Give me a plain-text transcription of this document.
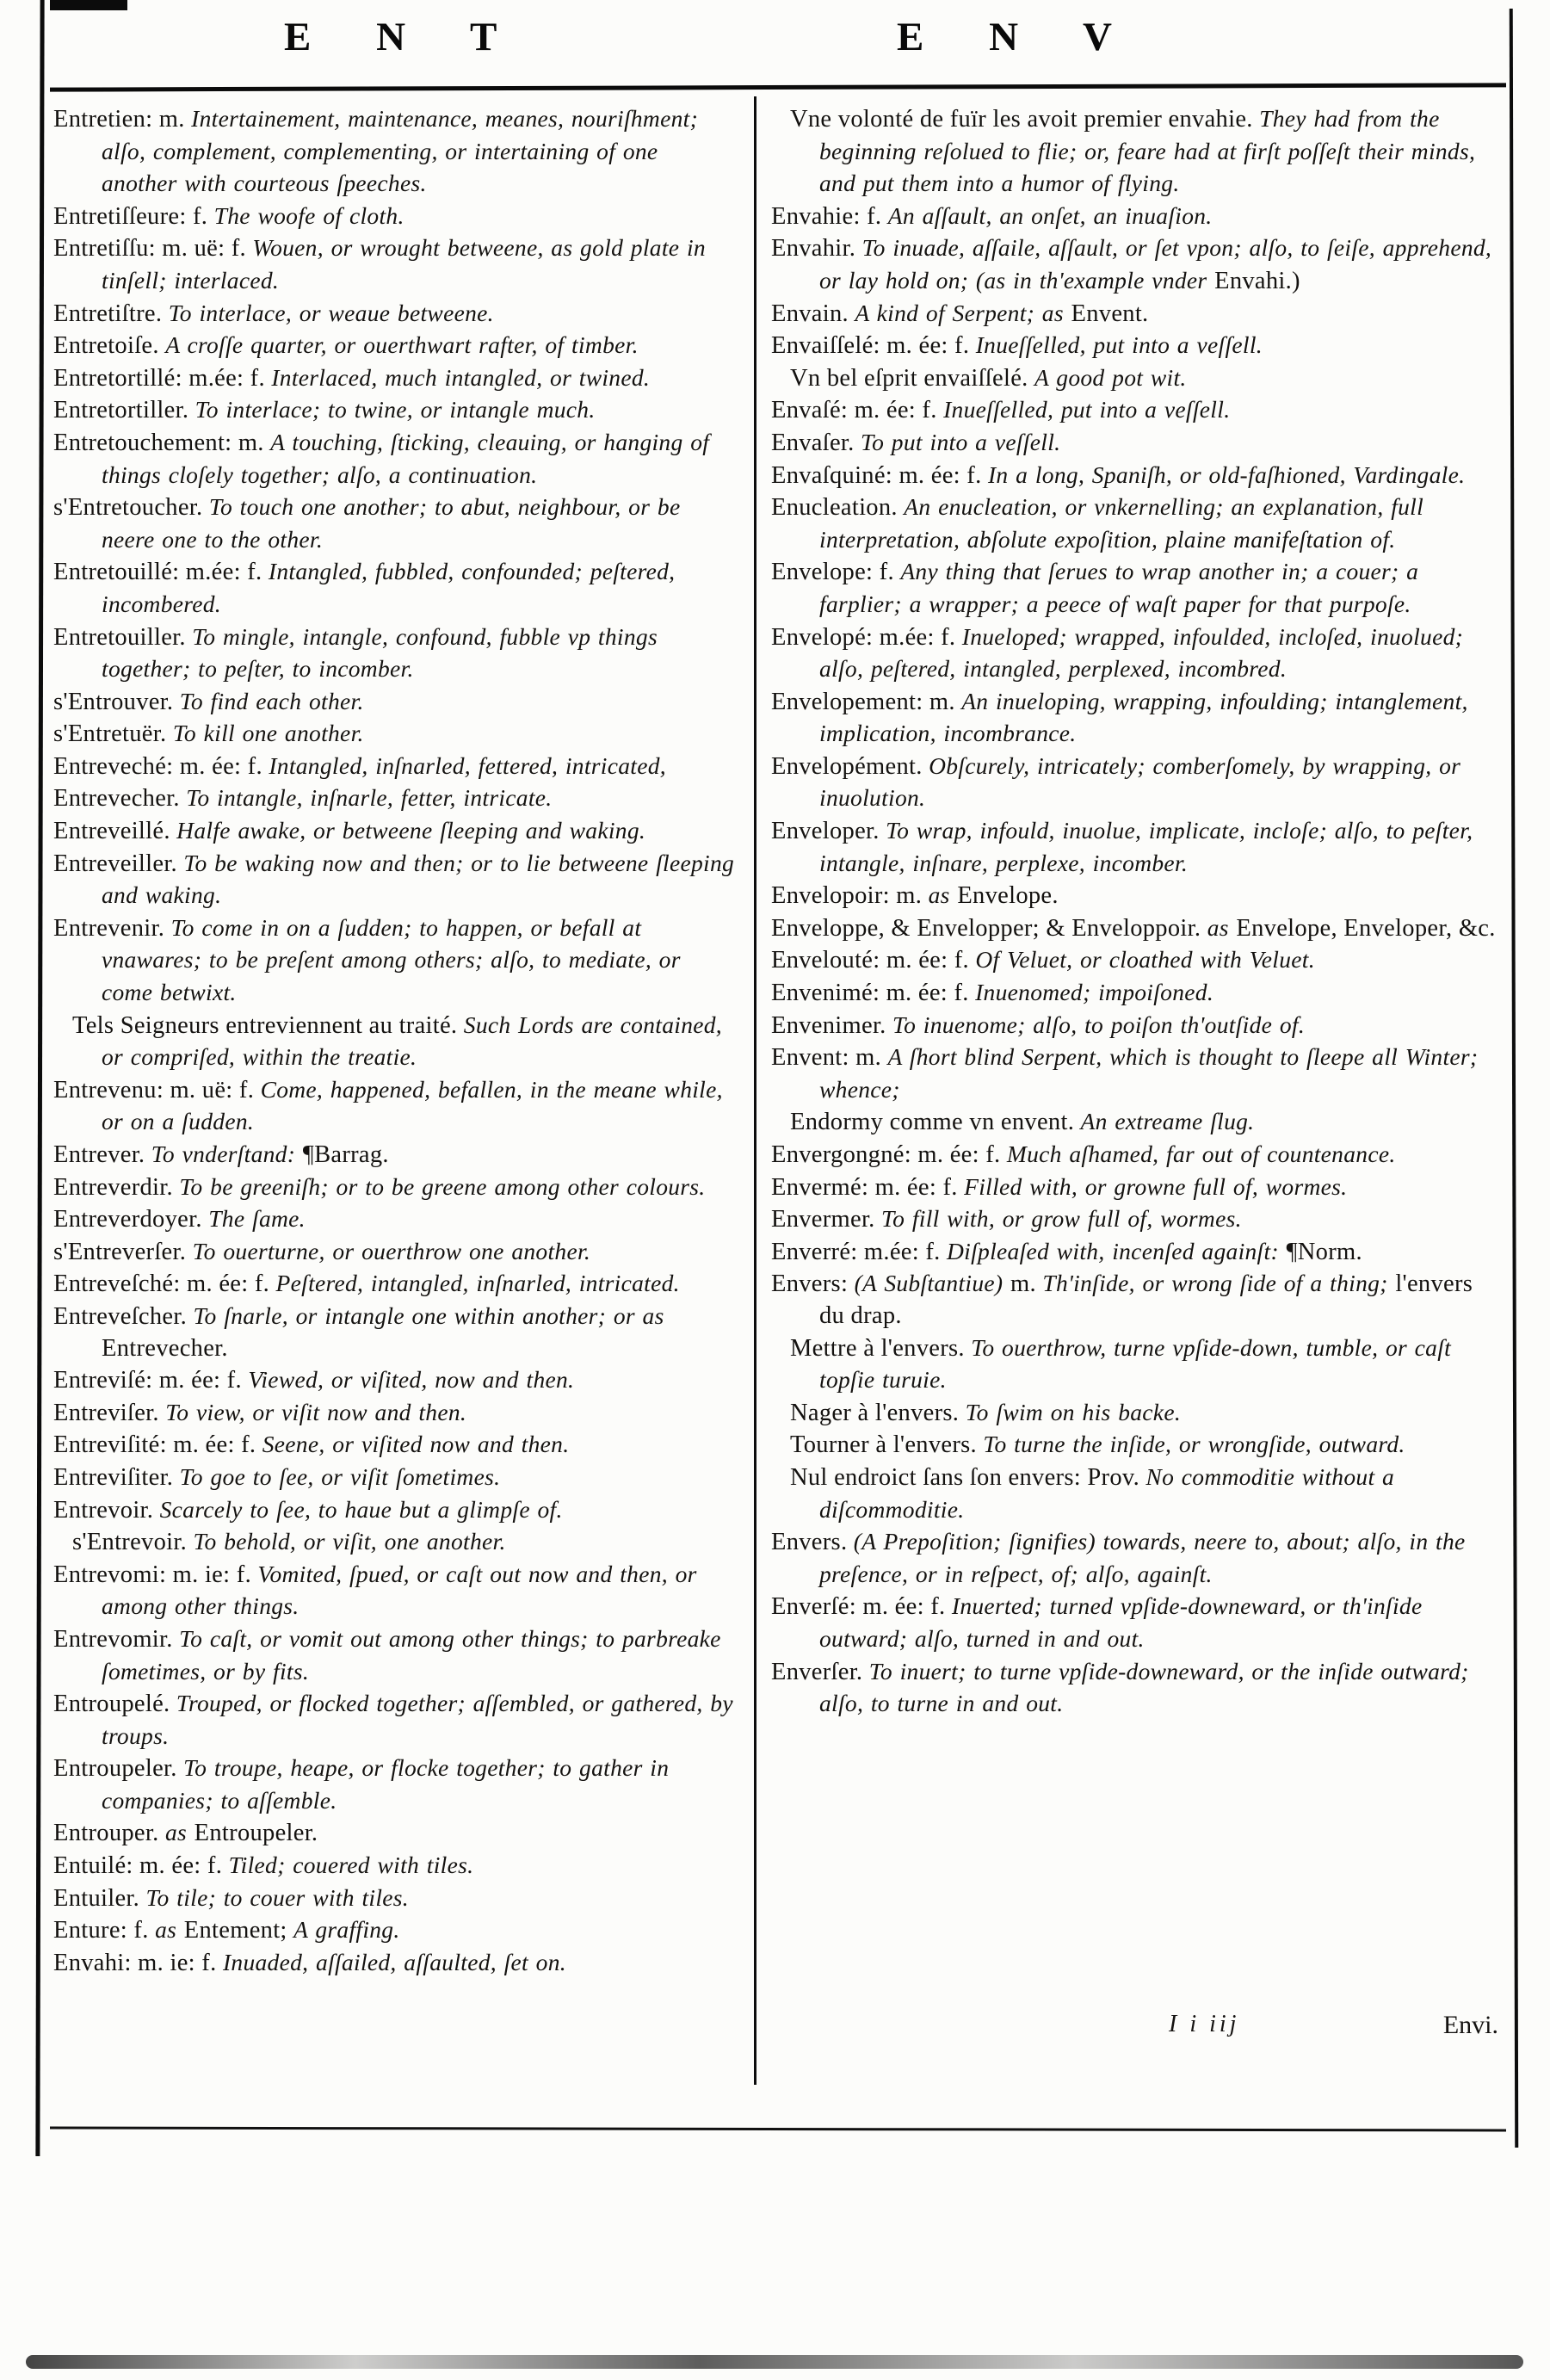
E N T	E N V

Entretien: m. Intertainement, maintenance, meanes, nouriſhment; alſo, complement, complementing, or intertaining of one another with courteous ſpeeches.

Entretiſſeure: f. The woofe of cloth.

Entretiſſu: m. uë: f. Wouen, or wrought betweene, as gold plate in tinſell; interlaced.

Entretiſtre. To interlace, or weaue betweene.

Entretoiſe. A croſſe quarter, or ouerthwart rafter, of timber.

Entretortillé: m.ée: f. Interlaced, much intangled, or twined.

Entretortiller. To interlace; to twine, or intangle much.

Entretouchement: m. A touching, ſticking, cleauing, or hanging of things cloſely together; alſo, a continuation.

s'Entretoucher. To touch one another; to abut, neighbour, or be neere one to the other.

Entretouillé: m.ée: f. Intangled, fubbled, confounded; peſtered, incombered.

Entretouiller. To mingle, intangle, confound, fubble vp things together; to peſter, to incomber.

s'Entrouver. To find each other.

s'Entretuër. To kill one another.

Entreveché: m. ée: f. Intangled, inſnarled, fettered, intricated,

Entrevecher. To intangle, inſnarle, fetter, intricate.

Entreveillé. Halfe awake, or betweene ſleeping and waking.

Entreveiller. To be waking now and then; or to lie betweene ſleeping and waking.

Entrevenir. To come in on a ſudden; to happen, or befall at vnawares; to be preſent among others; alſo, to mediate, or come betwixt.

Tels Seigneurs entreviennent au traité. Such Lords are contained, or compriſed, within the treatie.

Entrevenu: m. uë: f. Come, happened, befallen, in the meane while, or on a ſudden.

Entrever. To vnderſtand: ¶Barrag.

Entreverdir. To be greeniſh; or to be greene among other colours.

Entreverdoyer. The ſame.

s'Entreverſer. To ouerturne, or ouerthrow one another.

Entreveſché: m. ée: f. Peſtered, intangled, inſnarled, intricated.

Entreveſcher. To ſnarle, or intangle one within another; or as Entrevecher.

Entreviſé: m. ée: f. Viewed, or viſited, now and then.

Entreviſer. To view, or viſit now and then.

Entreviſité: m. ée: f. Seene, or viſited now and then.

Entreviſiter. To goe to ſee, or viſit ſometimes.

Entrevoir. Scarcely to ſee, to haue but a glimpſe of.

s'Entrevoir. To behold, or viſit, one another.

Entrevomi: m. ie: f. Vomited, ſpued, or caſt out now and then, or among other things.

Entrevomir. To caſt, or vomit out among other things; to parbreake ſometimes, or by fits.

Entroupelé. Trouped, or flocked together; aſſembled, or gathered, by troups.

Entroupeler. To troupe, heape, or flocke together; to gather in companies; to aſſemble.

Entrouper. as Entroupeler.

Entuilé: m. ée: f. Tiled; couered with tiles.

Entuiler. To tile; to couer with tiles.

Enture: f. as Entement; A graffing.

Envahi: m. ie: f. Inuaded, aſſailed, aſſaulted, ſet on.

Vne volonté de fuïr les avoit premier envahie. They had from the beginning reſolued to flie; or, feare had at firſt poſſeſt their minds, and put them into a humor of flying.

Envahie: f. An aſſault, an onſet, an inuaſion.

Envahir. To inuade, aſſaile, aſſault, or ſet vpon; alſo, to ſeiſe, apprehend, or lay hold on; (as in th'example vnder Envahi.)

Envain. A kind of Serpent; as Envent.

Envaiſſelé: m. ée: f. Inueſſelled, put into a veſſell.

Vn bel eſprit envaiſſelé. A good pot wit.

Envaſé: m. ée: f. Inueſſelled, put into a veſſell.

Envaſer. To put into a veſſell.

Envaſquiné: m. ée: f. In a long, Spaniſh, or old-faſhioned, Vardingale.

Enucleation. An enucleation, or vnkernelling; an explanation, full interpretation, abſolute expoſition, plaine manifeſtation of.

Envelope: f. Any thing that ſerues to wrap another in; a couer; a farplier; a wrapper; a peece of waſt paper for that purpoſe.

Envelopé: m.ée: f. Inueloped; wrapped, infoulded, incloſed, inuolued; alſo, peſtered, intangled, perplexed, incombred.

Envelopement: m. An inueloping, wrapping, infoulding; intanglement, implication, incombrance.

Envelopément. Obſcurely, intricately; comberſomely, by wrapping, or inuolution.

Enveloper. To wrap, infould, inuolue, implicate, incloſe; alſo, to peſter, intangle, inſnare, perplexe, incomber.

Envelopoir: m. as Envelope.

Enveloppe, & Envelopper; & Enveloppoir. as Envelope, Enveloper, &c.

Envelouté: m. ée: f. Of Veluet, or cloathed with Veluet.

Envenimé: m. ée: f. Inuenomed; impoiſoned.

Envenimer. To inuenome; alſo, to poiſon th'outſide of.

Envent: m. A ſhort blind Serpent, which is thought to ſleepe all Winter; whence;

Endormy comme vn envent. An extreame ſlug.

Envergongné: m. ée: f. Much aſhamed, far out of countenance.

Envermé: m. ée: f. Filled with, or growne full of, wormes.

Envermer. To fill with, or grow full of, wormes.

Enverré: m.ée: f. Diſpleaſed with, incenſed againſt: ¶Norm.

Envers: (A Subſtantiue) m. Th'inſide, or wrong ſide of a thing; l'envers du drap.

Mettre à l'envers. To ouerthrow, turne vpſide-down, tumble, or caſt topſie turuie.

Nager à l'envers. To ſwim on his backe.

Tourner à l'envers. To turne the inſide, or wrongſide, outward.

Nul endroict ſans ſon envers: Prov. No commoditie without a diſcommoditie.

Envers. (A Prepoſition; ſignifies) towards, neere to, about; alſo, in the preſence, or in reſpect, of; alſo, againſt.

Enverſé: m. ée: f. Inuerted; turned vpſide-downeward, or th'inſide outward; alſo, turned in and out.

Enverſer. To inuert; to turne vpſide-downeward, or the inſide outward; alſo, to turne in and out.

I i iij	Envi.
